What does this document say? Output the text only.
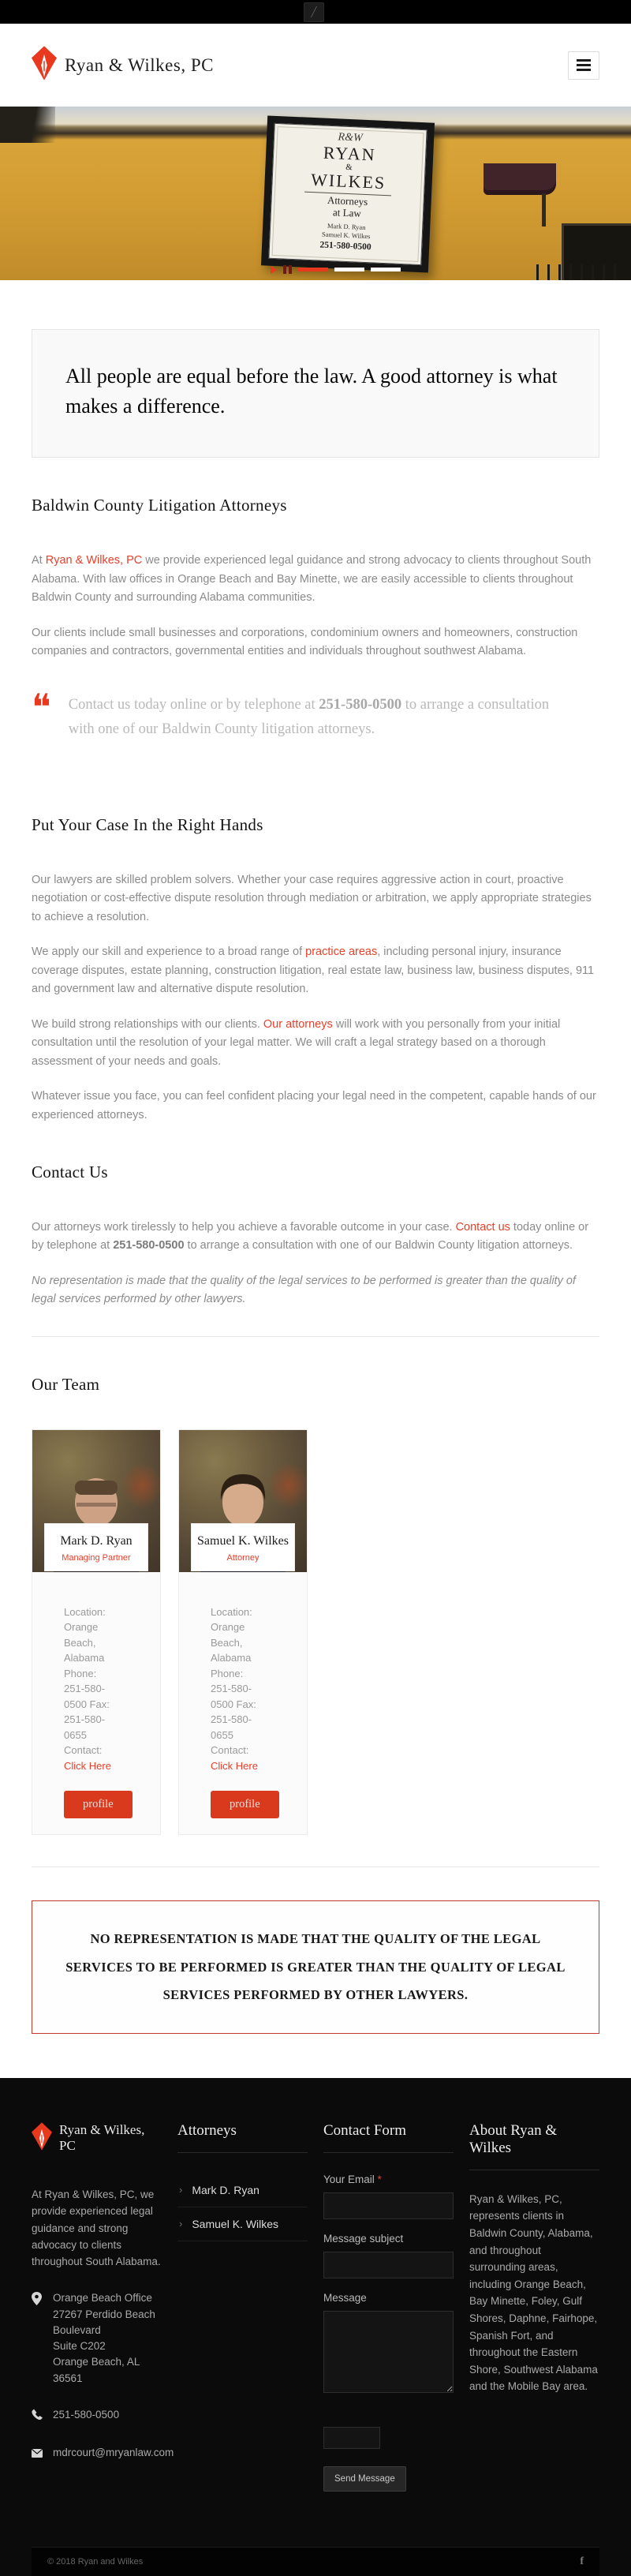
╱
Ryan & Wilkes, PC
R&W
RYAN
&
WILKES
Attorneys
at Law
Mark D. Ryan
Samuel K. Wilkes
251-580-0500
All people are equal before the law. A good attorney is what makes a difference.
Baldwin County Litigation Attorneys

At Ryan & Wilkes, PC we provide experienced legal guidance and strong advocacy to clients throughout South Alabama. With law offices in Orange Beach and Bay Minette, we are easily accessible to clients throughout Baldwin County and surrounding Alabama communities.

Our clients include small businesses and corporations, condominium owners and homeowners, construction companies and contractors, governmental entities and individuals throughout southwest Alabama.

❝ Contact us today online or by telephone at 251-580-0500 to arrange a consultation with one of our Baldwin County litigation attorneys.
Put Your Case In the Right Hands

Our lawyers are skilled problem solvers. Whether your case requires aggressive action in court, proactive negotiation or cost-effective dispute resolution through mediation or arbitration, we apply appropriate strategies to achieve a resolution.

We apply our skill and experience to a broad range of practice areas, including personal injury, insurance coverage disputes, estate planning, construction litigation, real estate law, business law, business disputes, 911 and government law and alternative dispute resolution.

We build strong relationships with our clients. Our attorneys will work with you personally from your initial consultation until the resolution of your legal matter. We will craft a legal strategy based on a thorough assessment of your needs and goals.

Whatever issue you face, you can feel confident placing your legal need in the competent, capable hands of our experienced attorneys.

Contact Us

Our attorneys work tirelessly to help you achieve a favorable outcome in your case. Contact us today online or by telephone at 251-580-0500 to arrange a consultation with one of our Baldwin County litigation attorneys.

No representation is made that the quality of the legal services to be performed is greater than the quality of legal services performed by other lawyers.

Our Team
Mark D. Ryan
Managing Partner
Location: Orange Beach, Alabama Phone: 251-580-0500 Fax: 251-580-0655 Contact: Click Here
profile
Samuel K. Wilkes
Attorney
Location: Orange Beach, Alabama Phone: 251-580-0500 Fax: 251-580-0655 Contact: Click Here
profile
NO REPRESENTATION IS MADE THAT THE QUALITY OF THE LEGAL SERVICES TO BE PERFORMED IS GREATER THAN THE QUALITY OF LEGAL SERVICES PERFORMED BY OTHER LAWYERS.
Ryan & Wilkes, PC

At Ryan & Wilkes, PC, we provide experienced legal guidance and strong advocacy to clients throughout South Alabama.

Orange Beach Office
27267 Perdido Beach Boulevard
Suite C202
Orange Beach, AL 36561
251-580-0500
mdrcourt@mryanlaw.com
Attorneys
› Mark D. Ryan
› Samuel K. Wilkes
Contact Form
Your Email *
Message subject
Message
Send Message
About Ryan & Wilkes

Ryan & Wilkes, PC, represents clients in Baldwin County, Alabama, and throughout surrounding areas, including Orange Beach, Bay Minette, Foley, Gulf Shores, Daphne, Fairhope, Spanish Fort, and throughout the Eastern Shore, Southwest Alabama and the Mobile Bay area.

© 2018 Ryan and Wilkes	f
